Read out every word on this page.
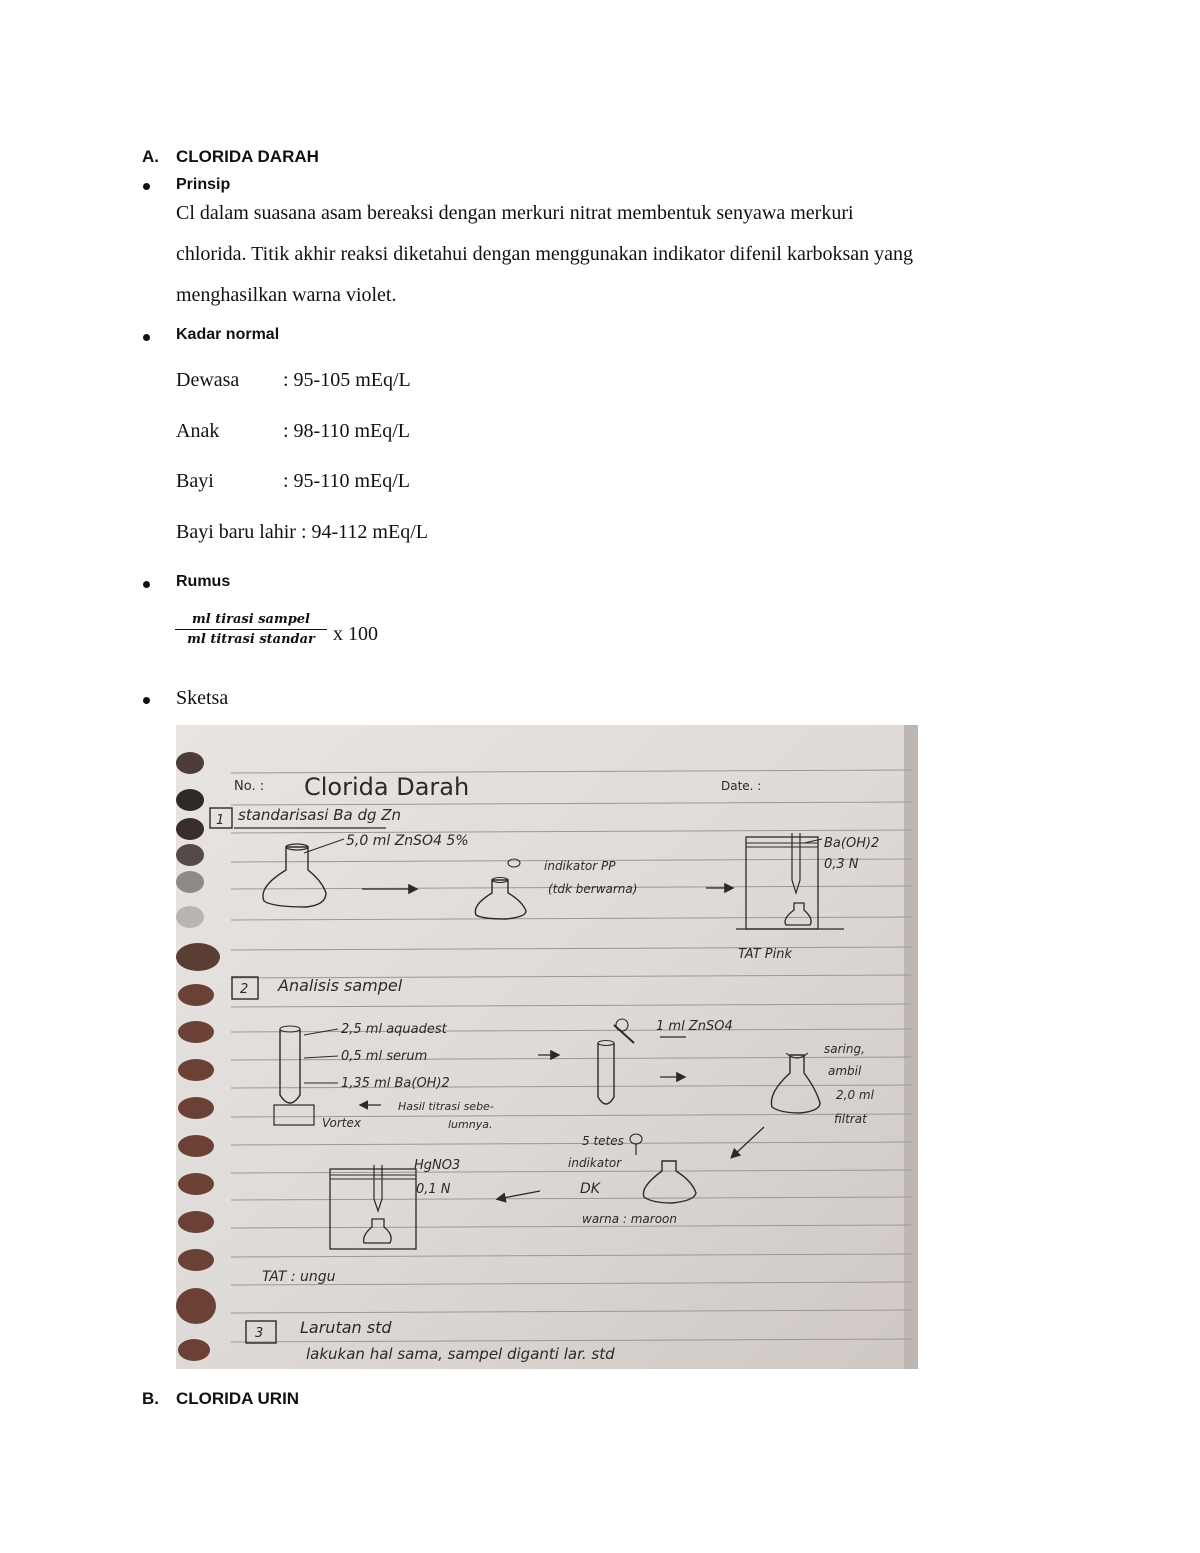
A. CLORIDA DARAH
Prinsip
Cl dalam suasana asam bereaksi dengan merkuri nitrat membentuk senyawa merkuri
chlorida. Titik akhir reaksi diketahui dengan menggunakan indikator difenil karboksan yang
menghasilkan warna violet.
Kadar normal
Dewasa : 95-105 mEq/L
Anak	: 98-110 mEq/L
Bayi	: 95-110 mEq/L
Bayi baru lahir : 94-112 mEq/L
Rumus
ml tirasi sampel
ml titrasi standar x 100
Sketsa
No. : Clorida Darah	Date. :
1 standarisasi Ba dg Zn
5,0 ml ZnSO4 5%
indikator PP
(tdk berwarna)
Ba(OH)2
0,3 N
TAT Pink
2 Analisis sampel
2,5 ml aquadest
0,5 ml serum
1,35 ml Ba(OH)2
Hasil titrasi sebe-
lumnya.
Vortex
1 ml ZnSO4
saring,
ambil
2,0 ml
filtrat
5 tetes
indikator
DK
warna : maroon
HgNO3
0,1 N
TAT : ungu
3 Larutan std
lakukan hal sama, sampel diganti lar. std
B. CLORIDA URIN
